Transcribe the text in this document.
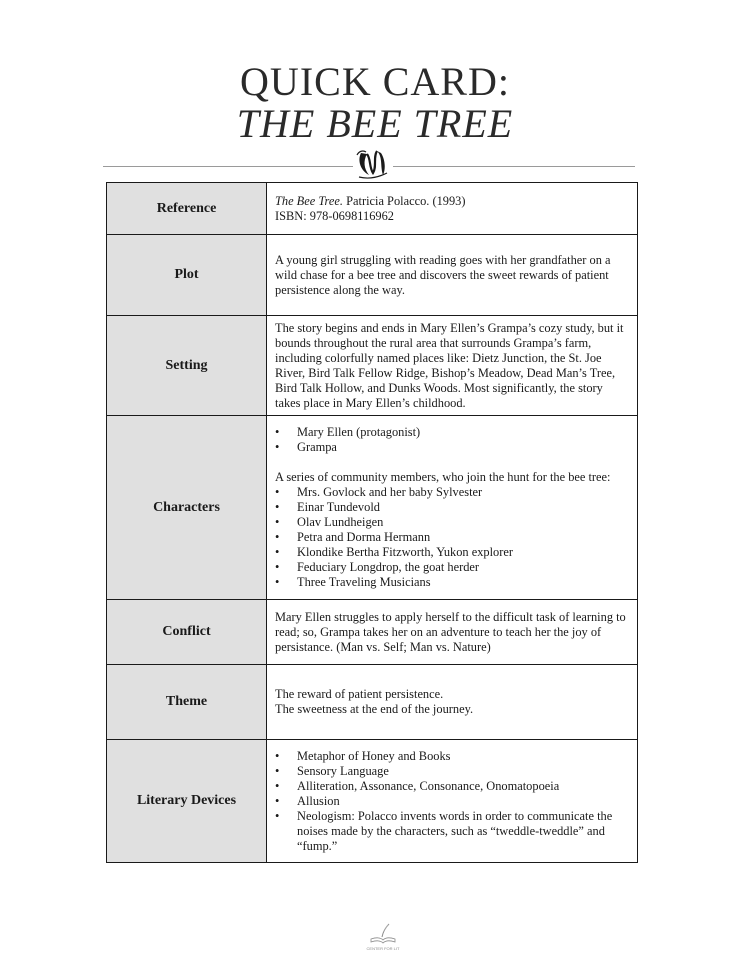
QUICK CARD:
THE BEE TREE
Reference	The Bee Tree. Patricia Polacco. (1993)

ISBN: 978-0698116962

Plot

A young girl struggling with reading goes with her grandfather on a wild chase for a bee tree and discovers the sweet rewards of patient persistence along the way.

Setting

The story begins and ends in Mary Ellen’s Grampa’s cozy study, but it bounds throughout the rural area that surrounds Grampa’s farm, including colorfully named places like: Dietz Junction, the St. Joe River, Bird Talk Fellow Ridge, Bishop’s Meadow, Dead Man’s Tree, Bird Talk Hollow, and Dunks Woods. Most significantly, the story takes place in Mary Ellen’s childhood.

Characters
• Mary Ellen (protagonist)
• Grampa

A series of community members, who join the hunt for the bee tree:

• Mrs. Govlock and her baby Sylvester
• Einar Tundevold
• Olav Lundheigen
• Petra and Dorma Hermann
• Klondike Bertha Fitzworth, Yukon explorer
• Feduciary Longdrop, the goat herder
• Three Traveling Musicians
Conflict

Mary Ellen struggles to apply herself to the difficult task of learning to read; so, Grampa takes her on an adventure to teach her the joy of persistance. (Man vs. Self; Man vs. Nature)

Theme	The reward of patient persistence.

The sweetness at the end of the journey.

Literary Devices
• Metaphor of Honey and Books
• Sensory Language
• Alliteration, Assonance, Consonance, Onomatopoeia
• Allusion
• Neologism: Polacco invents words in order to communicate the noises made by the characters, such as “tweddle-tweddle” and “fump.”
CENTER FOR LIT
